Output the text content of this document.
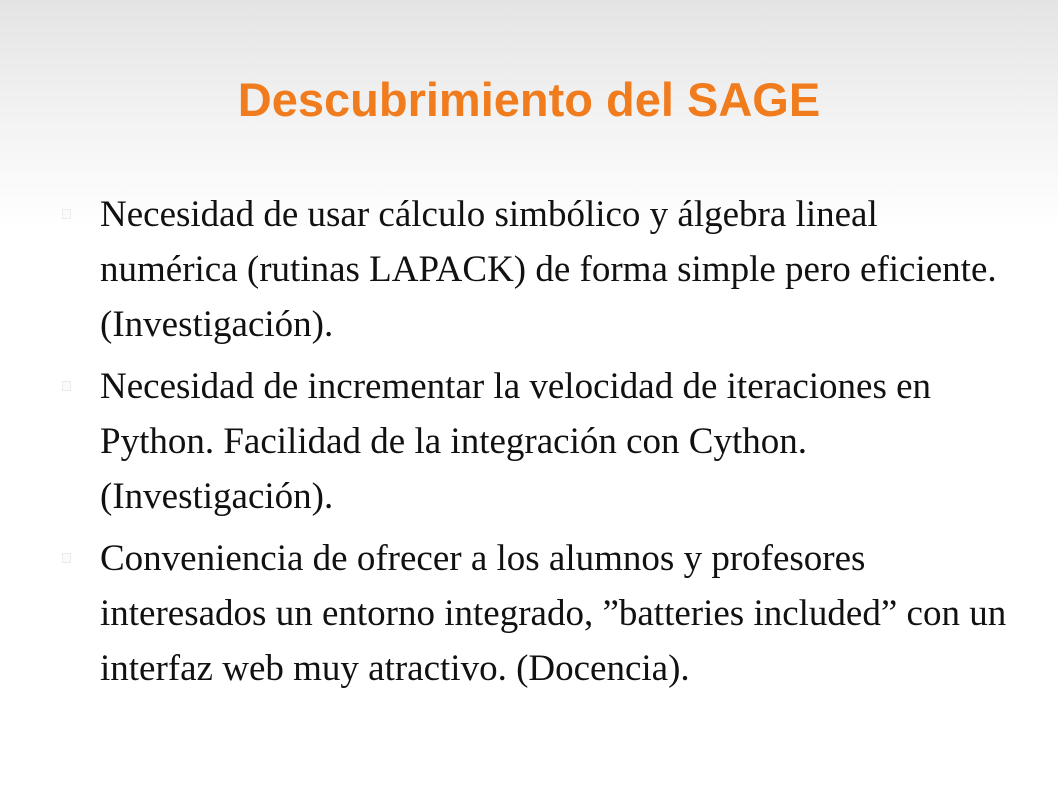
Descubrimiento del SAGE

Necesidad de usar cálculo simbólico y álgebra lineal numérica (rutinas LAPACK) de forma simple pero eficiente. (Investigación).

Necesidad de incrementar la velocidad de iteraciones en Python. Facilidad de la integración con Cython. (Investigación).

Conveniencia de ofrecer a los alumnos y profesores interesados un entorno integrado, ”batteries included” con un interfaz web muy atractivo. (Docencia).
